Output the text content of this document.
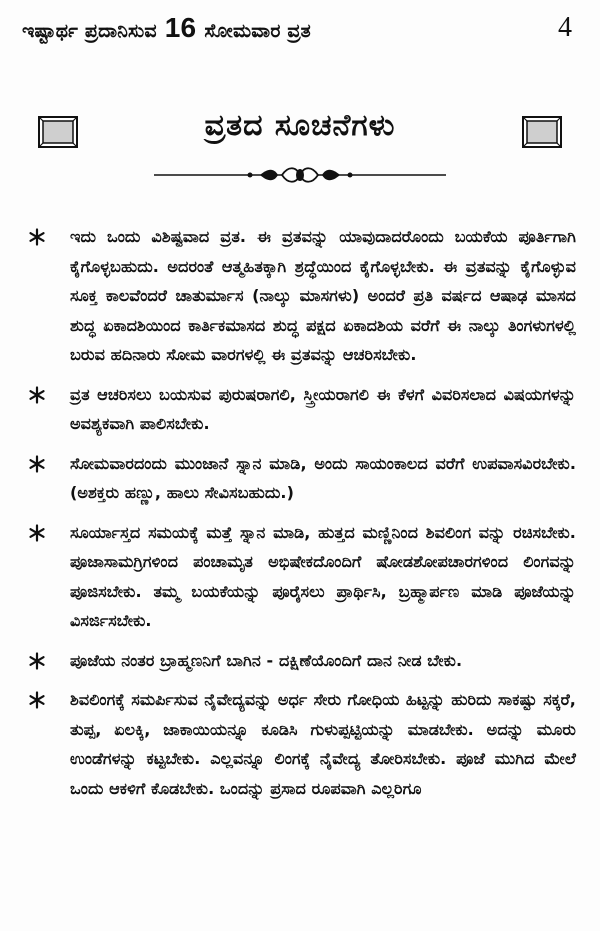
ಇಷ್ಟಾರ್ಥ ಪ್ರದಾನಿಸುವ 16 ಸೋಮವಾರ ವ್ರತ	4
ವ್ರತದ ಸೂಚನೆಗಳು
ಇದು ಒಂದು ವಿಶಿಷ್ಟವಾದ ವ್ರತ. ಈ ವ್ರತವನ್ನು ಯಾವುದಾದರೊಂದು ಬಯಕೆಯ ಪೂರ್ತಿಗಾಗಿ ಕೈಗೊಳ್ಳಬಹುದು. ಅದರಂತೆ ಆತ್ಮಹಿತಕ್ಕಾಗಿ ಶ್ರದ್ಧೆಯಿಂದ ಕೈಗೊಳ್ಳಬೇಕು. ಈ ವ್ರತವನ್ನು ಕೈಗೊಳ್ಳುವ ಸೂಕ್ತ ಕಾಲವೆಂದರೆ ಚಾತುರ್ಮಾಸ (ನಾಲ್ಕು ಮಾಸಗಳು) ಅಂದರೆ ಪ್ರತಿ ವರ್ಷದ ಆಷಾಢ ಮಾಸದ ಶುದ್ಧ ಏಕಾದಶಿಯಿಂದ ಕಾರ್ತಿಕಮಾಸದ ಶುದ್ಧ ಪಕ್ಷದ ಏಕಾದಶಿಯ ವರೆಗೆ ಈ ನಾಲ್ಕು ತಿಂಗಳುಗಳಲ್ಲಿ ಬರುವ ಹದಿನಾರು ಸೋಮ ವಾರಗಳಲ್ಲಿ ಈ ವ್ರತವನ್ನು ಆಚರಿಸಬೇಕು.
ವ್ರತ ಆಚರಿಸಲು ಬಯಸುವ ಪುರುಷರಾಗಲಿ, ಸ್ತ್ರೀಯರಾಗಲಿ ಈ ಕೆಳಗೆ ವಿವರಿಸಲಾದ ವಿಷಯಗಳನ್ನು ಅವಶ್ಯಕವಾಗಿ ಪಾಲಿಸಬೇಕು.
ಸೋಮವಾರದಂದು ಮುಂಜಾನೆ ಸ್ನಾನ ಮಾಡಿ, ಅಂದು ಸಾಯಂಕಾಲದ ವರೆಗೆ ಉಪವಾಸವಿರಬೇಕು. (ಅಶಕ್ತರು ಹಣ್ಣು, ಹಾಲು ಸೇವಿಸಬಹುದು.)
ಸೂರ್ಯಾಸ್ತದ ಸಮಯಕ್ಕೆ ಮತ್ತೆ ಸ್ನಾನ ಮಾಡಿ, ಹುತ್ತದ ಮಣ್ಣಿನಿಂದ ಶಿವಲಿಂಗ ವನ್ನು ರಚಿಸಬೇಕು. ಪೂಜಾಸಾಮಗ್ರಿಗಳಿಂದ ಪಂಚಾಮೃತ ಅಭಿಷೇಕದೊಂದಿಗೆ ಷೋಡಶೋಪಚಾರಗಳಿಂದ ಲಿಂಗವನ್ನು ಪೂಜಿಸಬೇಕು. ತಮ್ಮ ಬಯಕೆಯನ್ನು ಪೂರೈಸಲು ಪ್ರಾರ್ಥಿಸಿ, ಬ್ರಹ್ಮಾರ್ಪಣ ಮಾಡಿ ಪೂಜೆಯನ್ನು ವಿಸರ್ಜಿಸಬೇಕು.
ಪೂಜೆಯ ನಂತರ ಬ್ರಾಹ್ಮಣನಿಗೆ ಬಾಗಿನ - ದಕ್ಷಿಣೆಯೊಂದಿಗೆ ದಾನ ನೀಡ ಬೇಕು.
ಶಿವಲಿಂಗಕ್ಕೆ ಸಮರ್ಪಿಸುವ ನೈವೇದ್ಯವನ್ನು ಅರ್ಧ ಸೇರು ಗೋಧಿಯ ಹಿಟ್ಟನ್ನು ಹುರಿದು ಸಾಕಷ್ಟು ಸಕ್ಕರೆ, ತುಪ್ಪ, ಏಲಕ್ಕಿ, ಜಾಕಾಯಿಯನ್ನೂ ಕೂಡಿಸಿ ಗುಳುಪ್ಪಟ್ಟಿಯನ್ನು ಮಾಡಬೇಕು. ಅದನ್ನು ಮೂರು ಉಂಡೆಗಳನ್ನು ಕಟ್ಟಬೇಕು. ಎಲ್ಲವನ್ನೂ ಲಿಂಗಕ್ಕೆ ನೈವೇದ್ಯ ತೋರಿಸಬೇಕು. ಪೂಜೆ ಮುಗಿದ ಮೇಲೆ ಒಂದು ಆಕಳಿಗೆ ಕೊಡಬೇಕು. ಒಂದನ್ನು ಪ್ರಸಾದ ರೂಪವಾಗಿ ಎಲ್ಲರಿಗೂ
